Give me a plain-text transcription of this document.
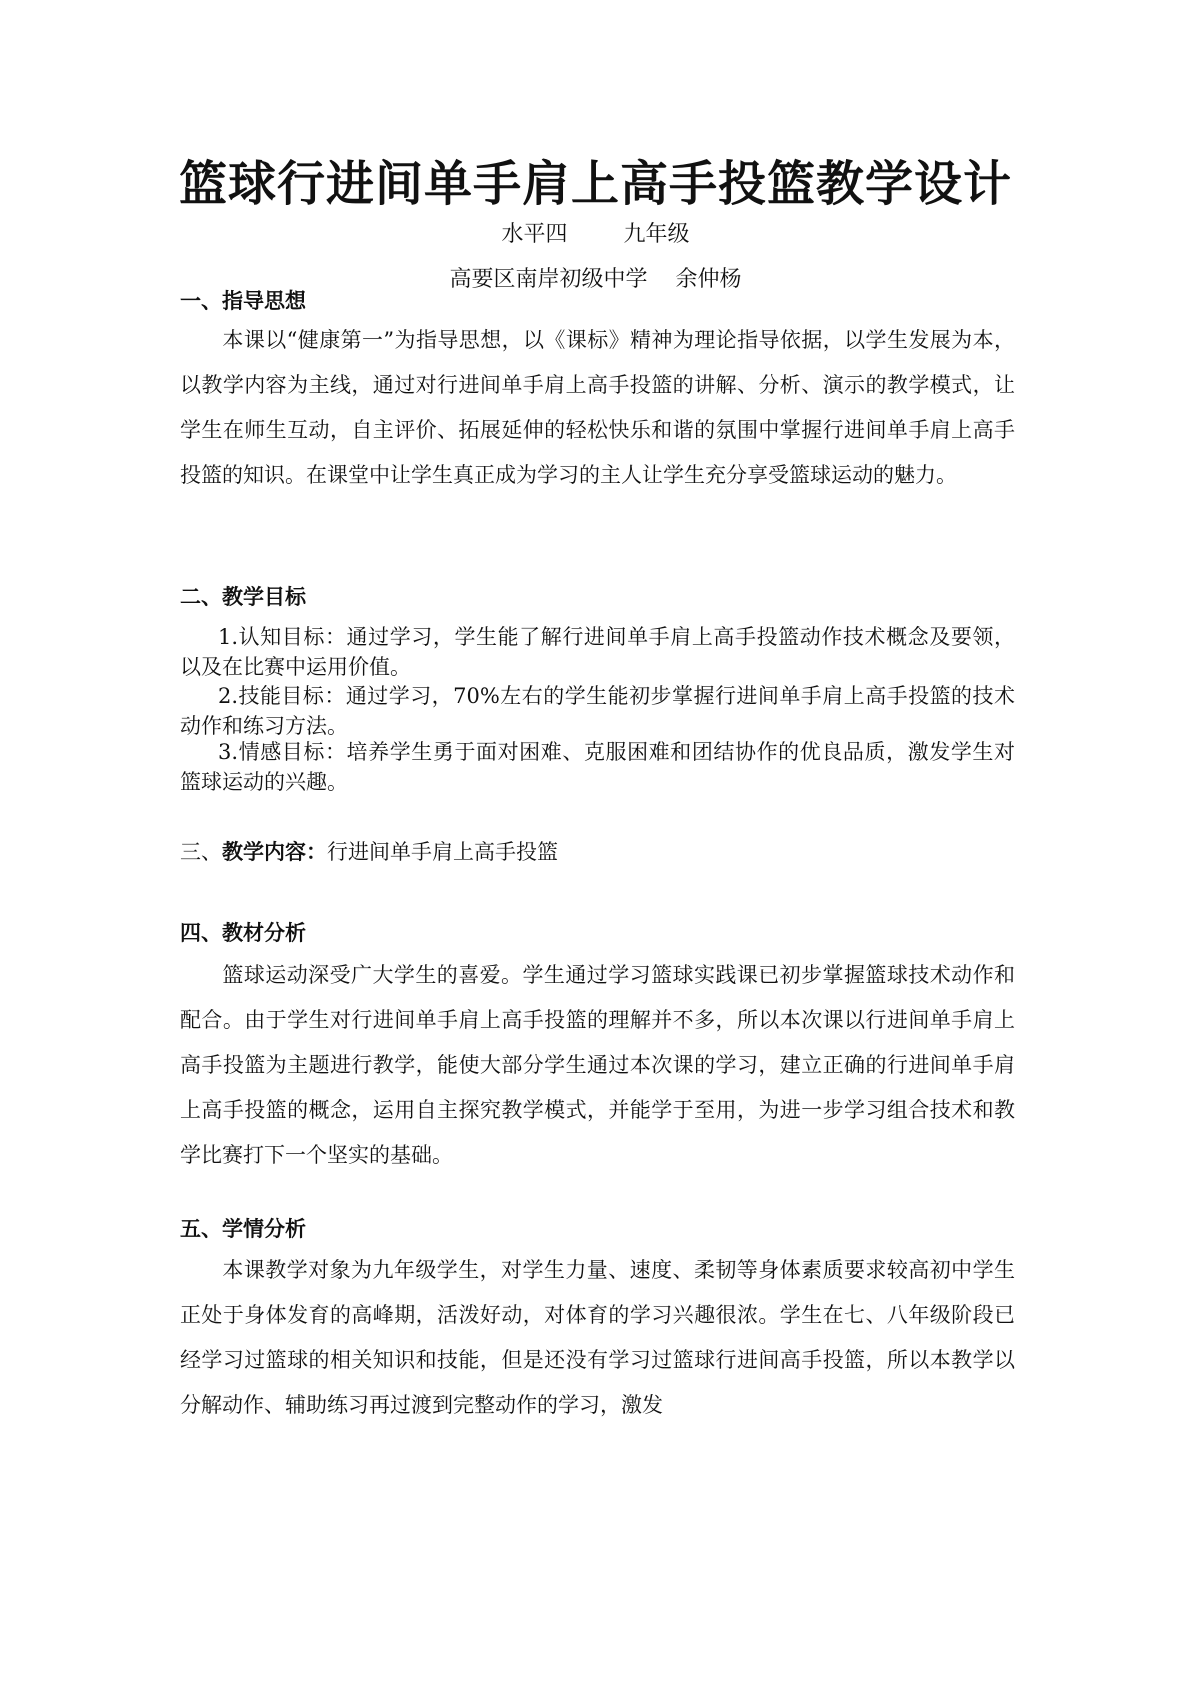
篮球行进间单手肩上高手投篮教学设计
水平四        九年级
高要区南岸初级中学    余仲杨
一、指导思想

本课以“健康第一”为指导思想，以《课标》精神为理论指导依据，以学生发展为本，以教学内容为主线，通过对行进间单手肩上高手投篮的讲解、分析、演示的教学模式，让学生在师生互动，自主评价、拓展延伸的轻松快乐和谐的氛围中掌握行进间单手肩上高手投篮的知识。在课堂中让学生真正成为学习的主人让学生充分享受篮球运动的魅力。

二、教学目标

1.认知目标：通过学习，学生能了解行进间单手肩上高手投篮动作技术概念及要领，以及在比赛中运用价值。

2.技能目标：通过学习，70%左右的学生能初步掌握行进间单手肩上高手投篮的技术动作和练习方法。

3.情感目标：培养学生勇于面对困难、克服困难和团结协作的优良品质，激发学生对篮球运动的兴趣。

三、教学内容：行进间单手肩上高手投篮
四、教材分析

篮球运动深受广大学生的喜爱。学生通过学习篮球实践课已初步掌握篮球技术动作和配合。由于学生对行进间单手肩上高手投篮的理解并不多，所以本次课以行进间单手肩上高手投篮为主题进行教学，能使大部分学生通过本次课的学习，建立正确的行进间单手肩上高手投篮的概念，运用自主探究教学模式，并能学于至用，为进一步学习组合技术和教学比赛打下一个坚实的基础。

五、学情分析

本课教学对象为九年级学生，对学生力量、速度、柔韧等身体素质要求较高初中学生正处于身体发育的高峰期，活泼好动，对体育的学习兴趣很浓。学生在七、八年级阶段已经学习过篮球的相关知识和技能，但是还没有学习过篮球行进间高手投篮，所以本教学以分解动作、辅助练习再过渡到完整动作的学习，激发
